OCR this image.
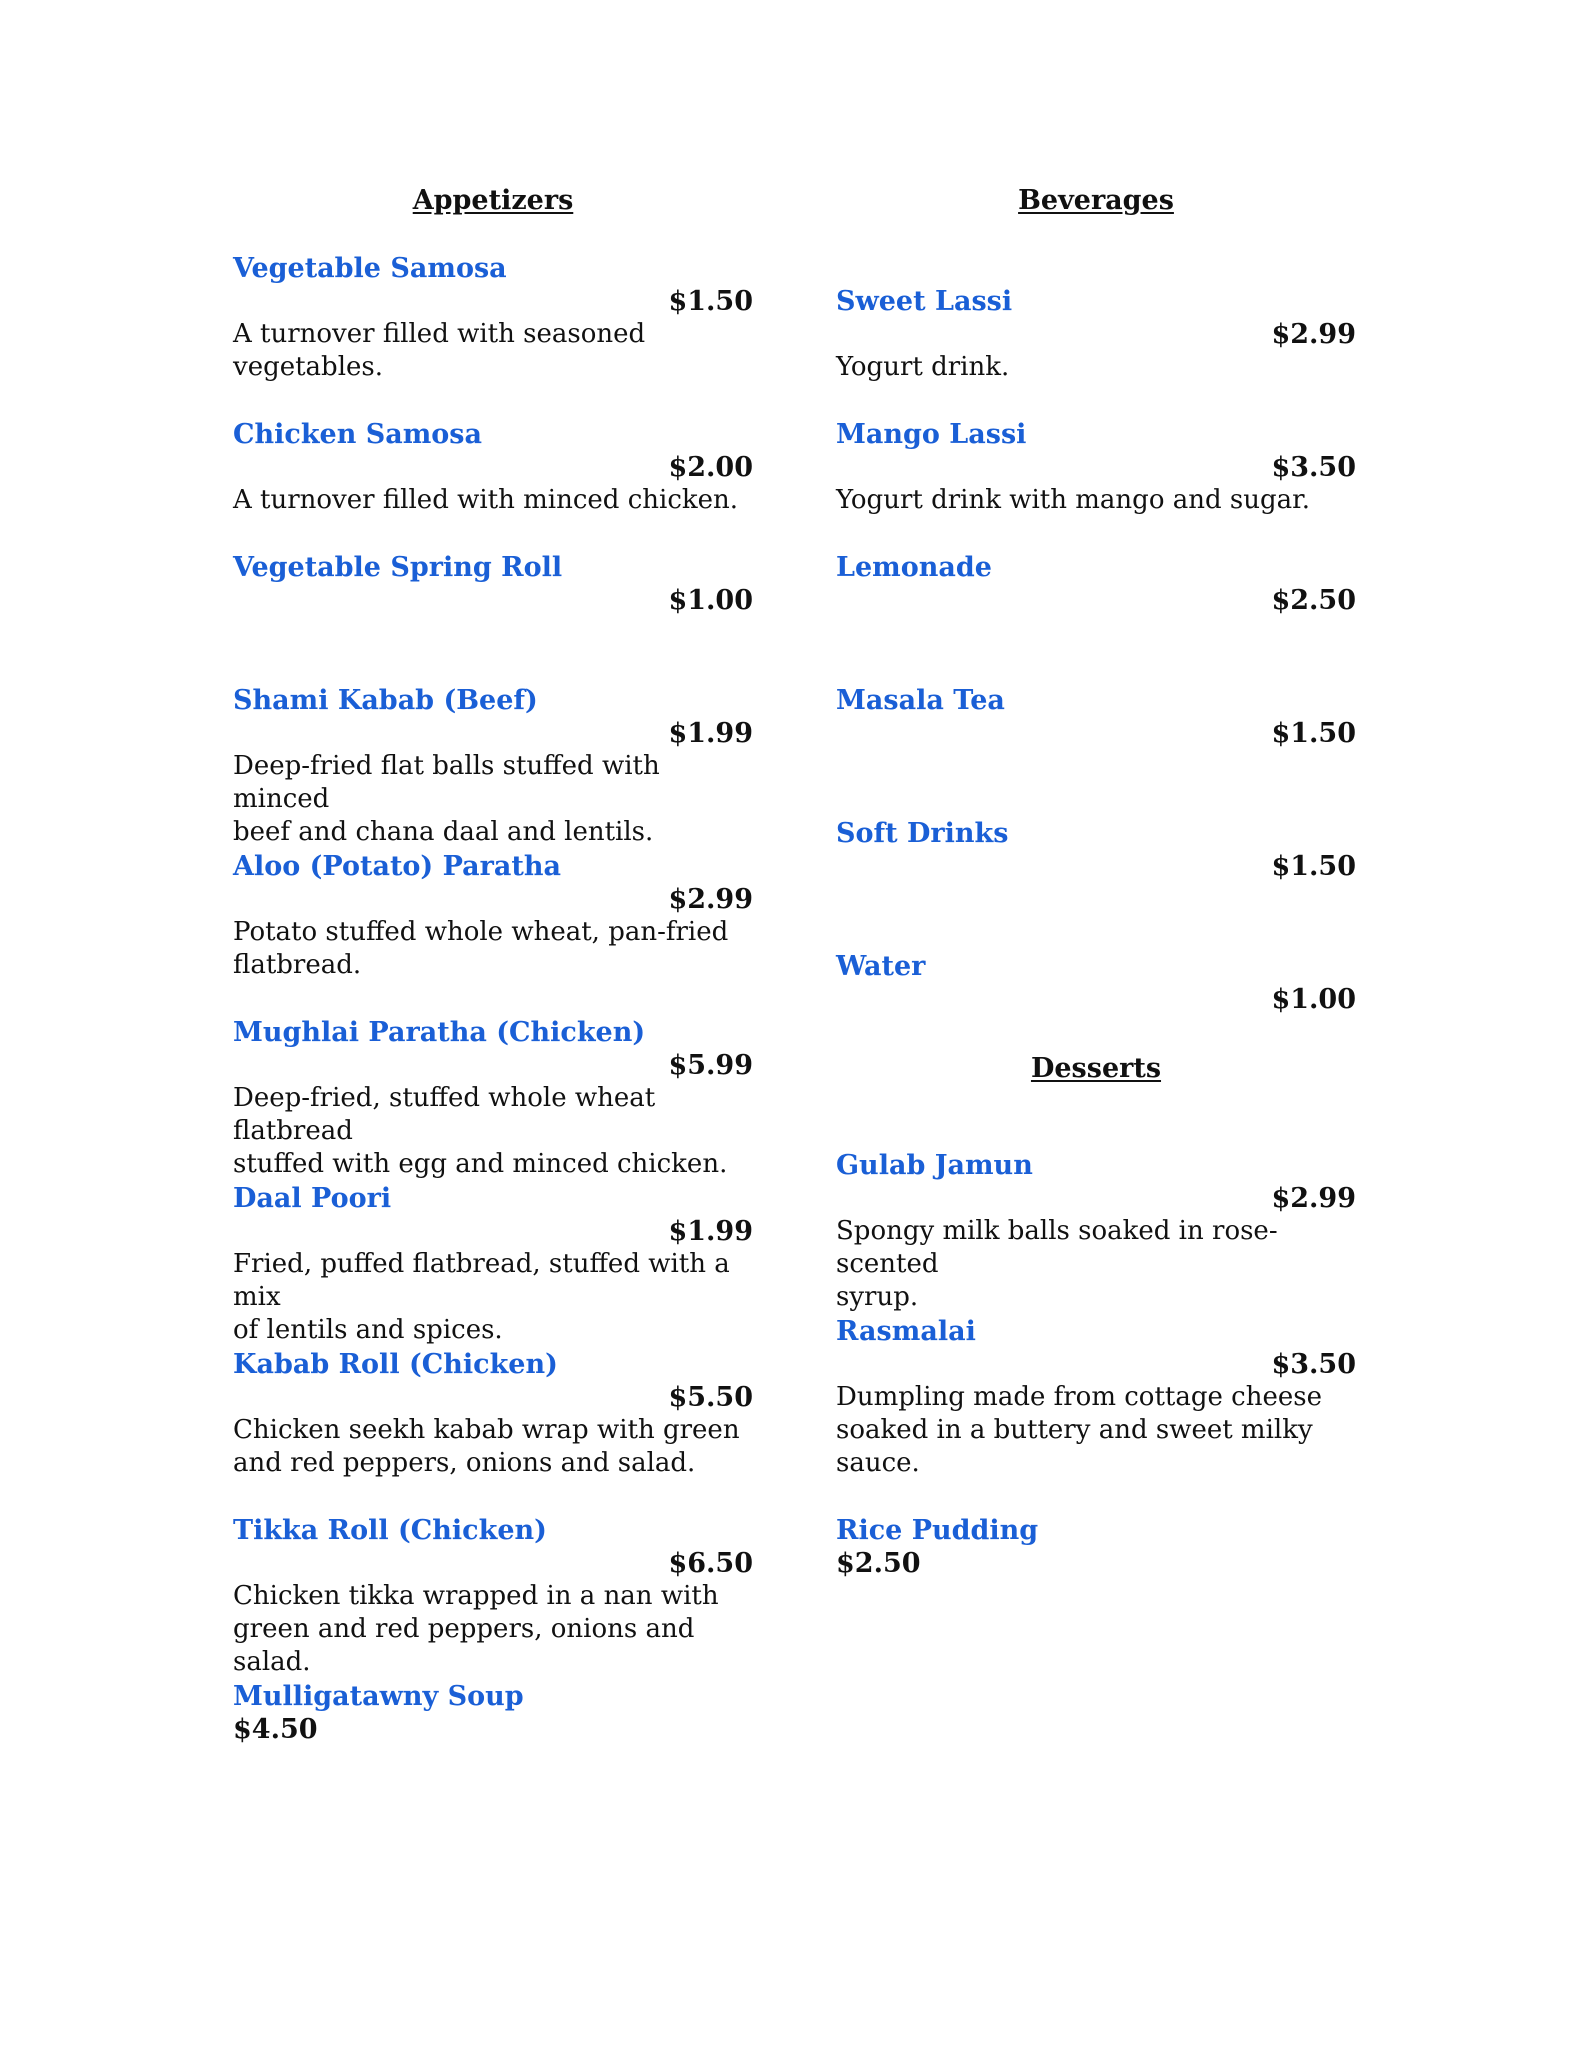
Appetizers
Vegetable Samosa
$1.50
A turnover filled with seasoned
vegetables.
Chicken Samosa
$2.00
A turnover filled with minced chicken.
Vegetable Spring Roll
$1.00
Shami Kabab (Beef)
$1.99
Deep-fried flat balls stuffed with minced
beef and chana daal and lentils.
Aloo (Potato) Paratha
$2.99
Potato stuffed whole wheat, pan-fried
flatbread.
Mughlai Paratha (Chicken)
$5.99
Deep-fried, stuffed whole wheat flatbread
stuffed with egg and minced chicken.
Daal Poori
$1.99
Fried, puffed flatbread, stuffed with a mix
of lentils and spices.
Kabab Roll (Chicken)
$5.50
Chicken seekh kabab wrap with green
and red peppers, onions and salad.
Tikka Roll (Chicken)
$6.50
Chicken tikka wrapped in a nan with
green and red peppers, onions and salad.
Mulligatawny Soup
$4.50
Beverages
Sweet Lassi
$2.99
Yogurt drink.
Mango Lassi
$3.50
Yogurt drink with mango and sugar.
Lemonade
$2.50
Masala Tea
$1.50
Soft Drinks
$1.50
Water
$1.00
Desserts
Gulab Jamun
$2.99
Spongy milk balls soaked in rose-scented
syrup.
Rasmalai
$3.50
Dumpling made from cottage cheese
soaked in a buttery and sweet milky
sauce.
Rice Pudding
$2.50
